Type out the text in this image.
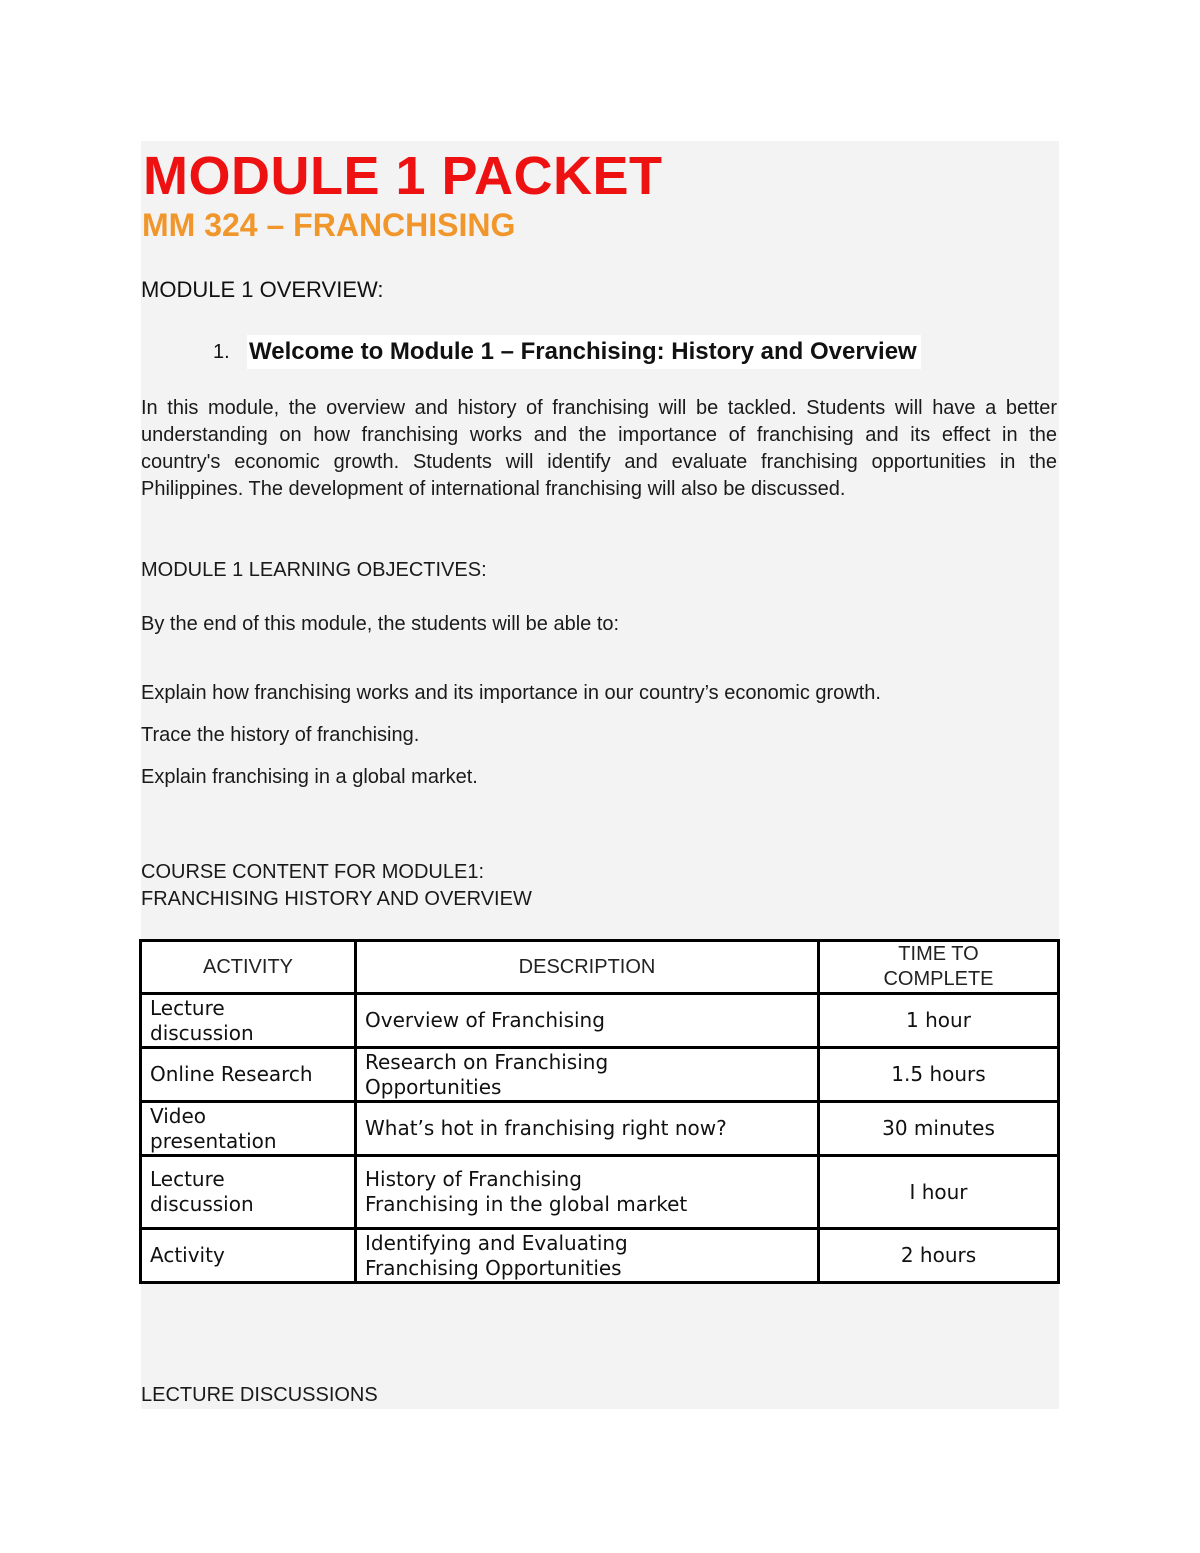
MODULE 1 PACKET
MM 324 – FRANCHISING

MODULE 1 OVERVIEW:

1. Welcome to Module 1 – Franchising: History and Overview

In this module, the overview and history of franchising will be tackled. Students will have a better understanding on how franchising works and the importance of franchising and its effect in the country's economic growth. Students will identify and evaluate franchising opportunities in the Philippines. The development of international franchising will also be discussed.

MODULE 1 LEARNING OBJECTIVES:

By the end of this module, the students will be able to:

Explain how franchising works and its importance in our country’s economic growth.

Trace the history of franchising.

Explain franchising in a global market.

COURSE CONTENT FOR MODULE1:

FRANCHISING HISTORY AND OVERVIEW

ACTIVITY	DESCRIPTION	TIME TO
COMPLETE

Lecture
discussion	Overview of Franchising	1 hour

Online Research	Research on Franchising
Opportunities	1.5 hours

Video
presentation	What’s hot in franchising right now?	30 minutes

Lecture
discussion	History of Franchising
Franchising in the global market	I hour

Activity	Identifying and Evaluating
Franchising Opportunities	2 hours

LECTURE DISCUSSIONS
